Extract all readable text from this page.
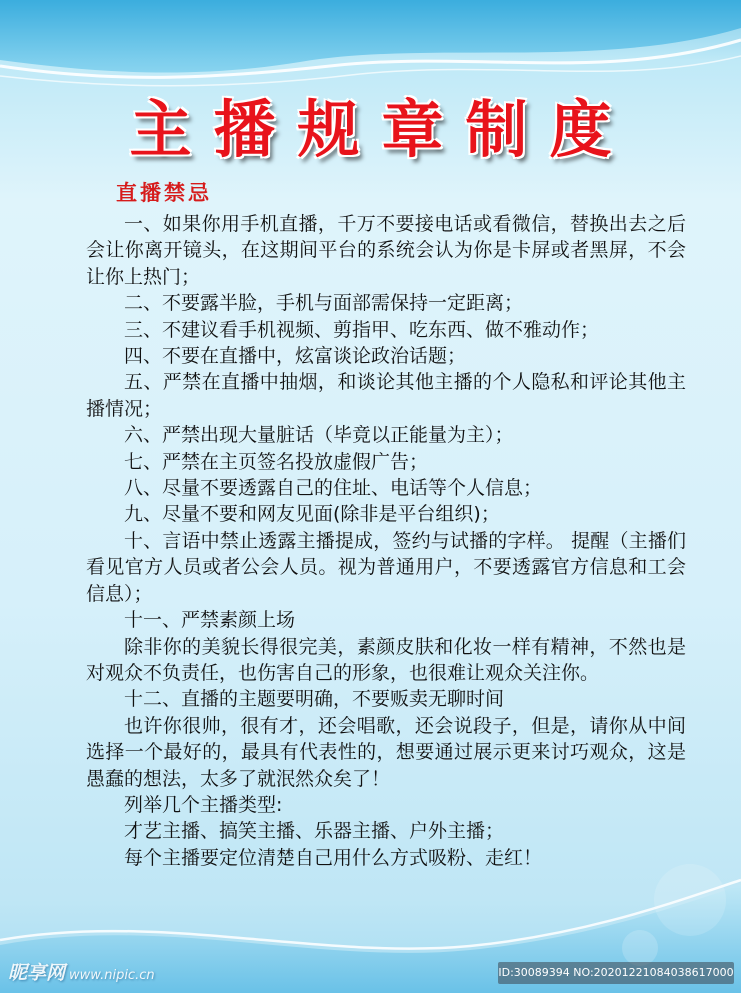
主播规章制度
直播禁忌

一、如果你用手机直播，千万不要接电话或看微信，替换出去之后会让你离开镜头，在这期间平台的系统会认为你是卡屏或者黑屏，不会让你上热门；

二、不要露半脸，手机与面部需保持一定距离；

三、不建议看手机视频、剪指甲、吃东西、做不雅动作；

四、不要在直播中，炫富谈论政治话题；

五、严禁在直播中抽烟，和谈论其他主播的个人隐私和评论其他主播情况；

六、严禁出现大量脏话（毕竟以正能量为主）；

七、严禁在主页签名投放虚假广告；

八、尽量不要透露自己的住址、电话等个人信息；

九、尽量不要和网友见面(除非是平台组织)；

十、言语中禁止透露主播提成，签约与试播的字样。 提醒（主播们看见官方人员或者公会人员。视为普通用户，不要透露官方信息和工会信息）；

十一、严禁素颜上场

除非你的美貌长得很完美，素颜皮肤和化妆一样有精神，不然也是对观众不负责任，也伤害自己的形象，也很难让观众关注你。

十二、直播的主题要明确，不要贩卖无聊时间

也许你很帅，很有才，还会唱歌，还会说段子，但是，请你从中间选择一个最好的，最具有代表性的，想要通过展示更来讨巧观众，这是愚蠢的想法，太多了就泯然众矣了！

列举几个主播类型:

才艺主播、搞笑主播、乐器主播、户外主播；

每个主播要定位清楚自己用什么方式吸粉、走红！

昵享网 www.nipic.cn	ID:30089394 NO:20201221084038617000
